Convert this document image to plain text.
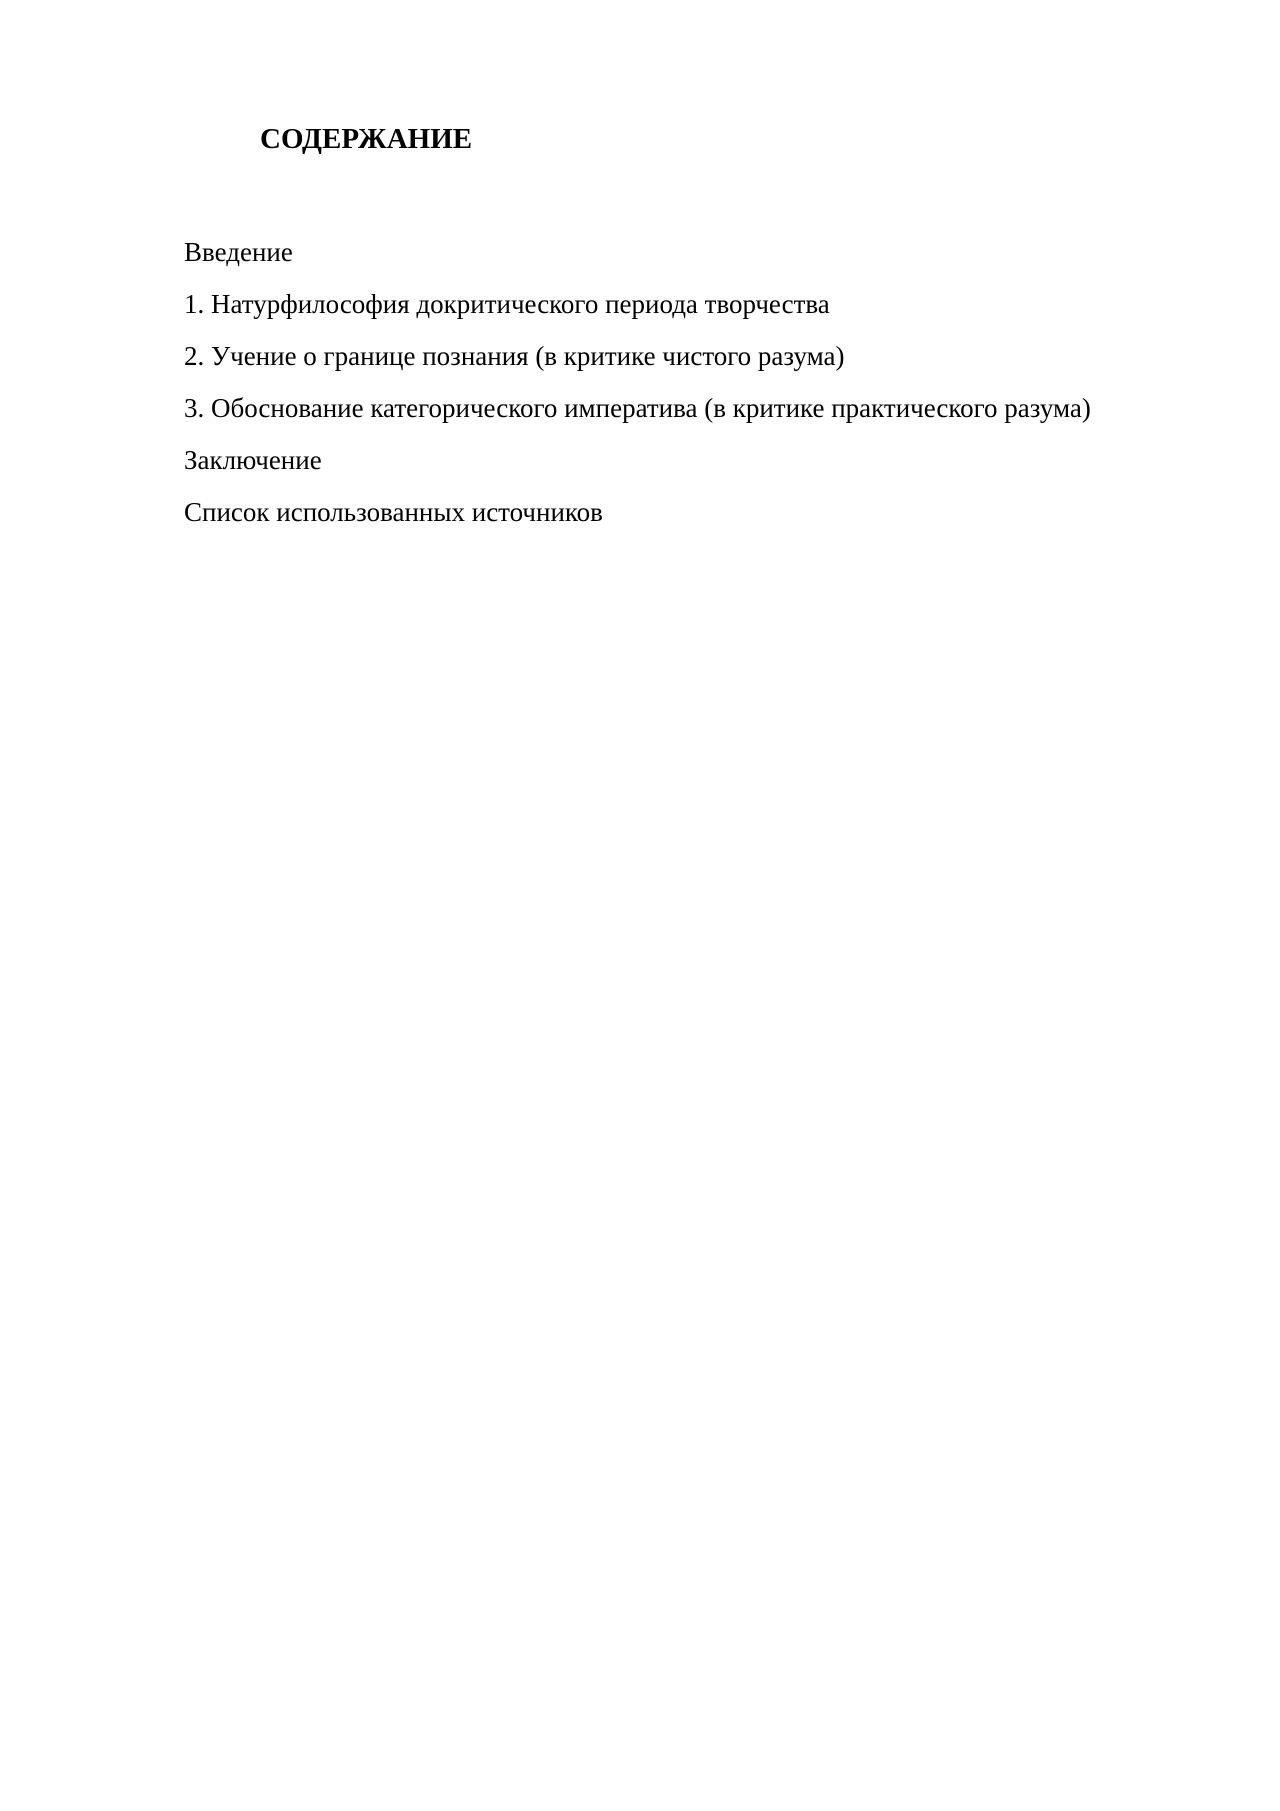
СОДЕРЖАНИЕ
Введение
1. Натурфилософия докритического периода творчества
2. Учение о границе познания (в критике чистого разума)
3. Обоснование категорического императива (в критике практического разума)
Заключение
Список использованных источников
